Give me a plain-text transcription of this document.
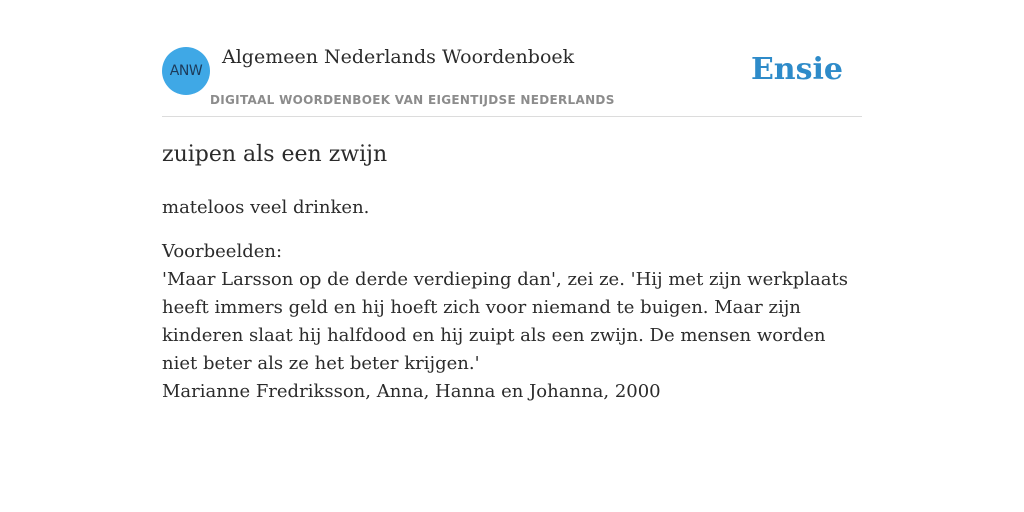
ANW
Algemeen Nederlands Woordenboek
DIGITAAL WOORDENBOEK VAN EIGENTIJDSE NEDERLANDS
Ensie
zuipen als een zwijn

mateloos veel drinken.

Voorbeelden:
'Maar Larsson op de derde verdieping dan', zei ze. 'Hij met zijn werkplaats heeft immers geld en hij hoeft zich voor niemand te buigen. Maar zijn kinderen slaat hij halfdood en hij zuipt als een zwijn. De mensen worden niet beter als ze het beter krijgen.'
Marianne Fredriksson, Anna, Hanna en Johanna, 2000
